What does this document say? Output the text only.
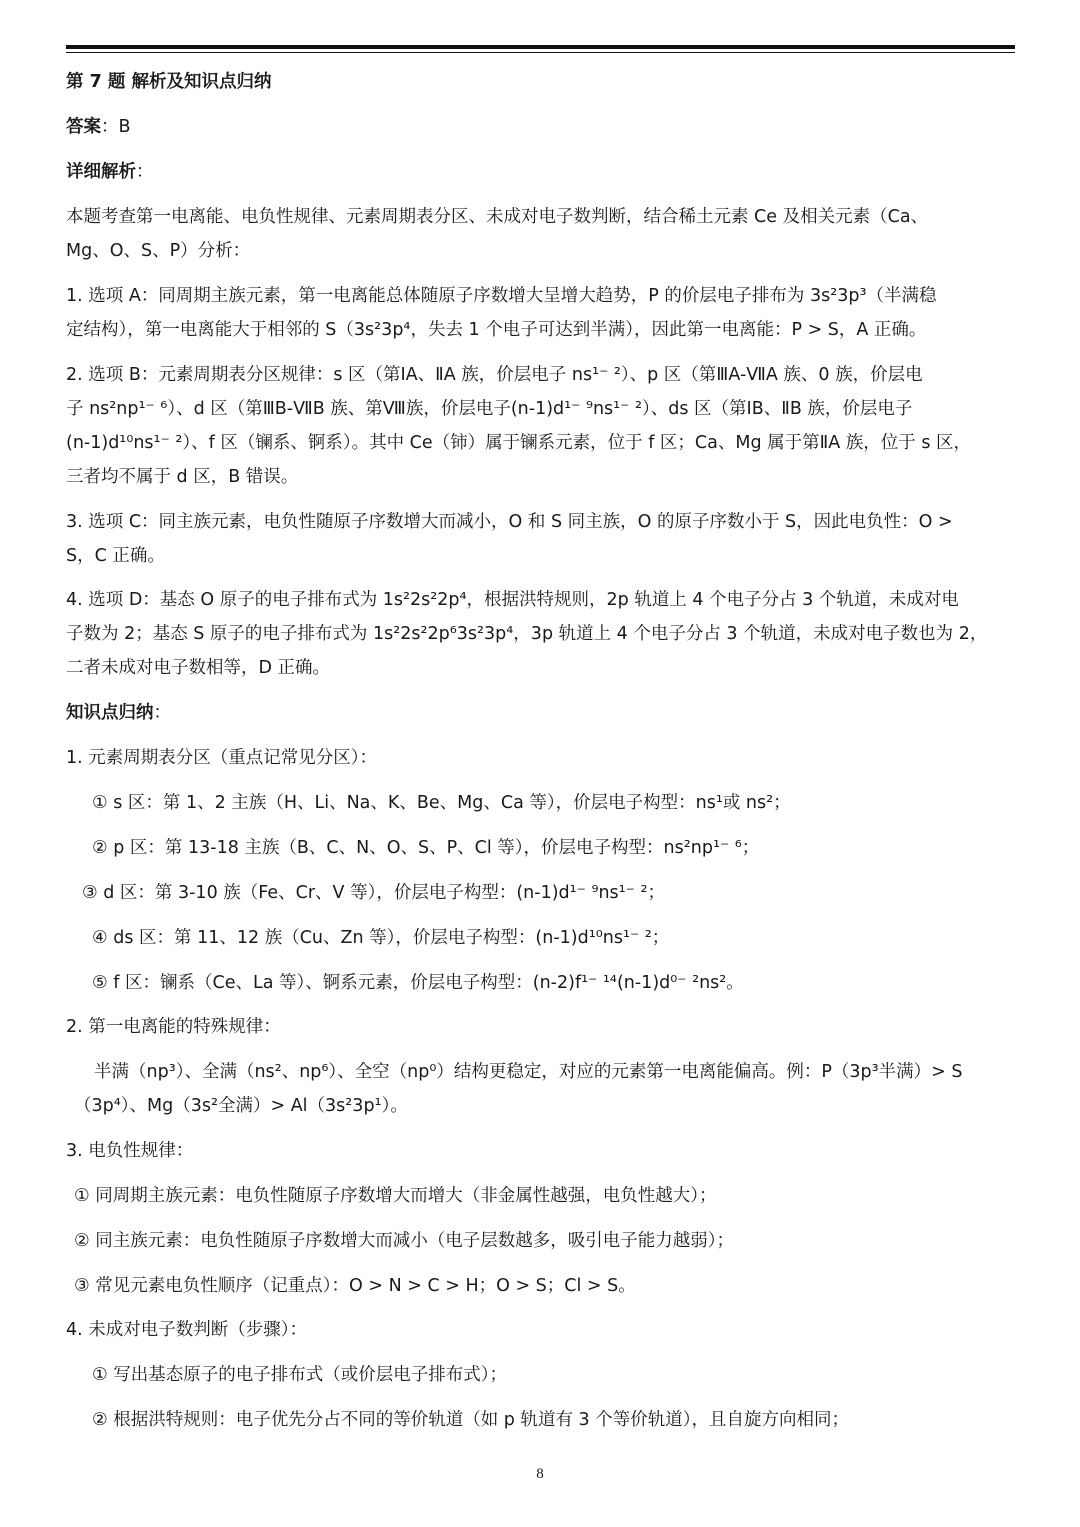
第 7 题 解析及知识点归纳
答案：B
详细解析：
本题考查第一电离能、电负性规律、元素周期表分区、未成对电子数判断，结合稀土元素 Ce 及相关元素（Ca、
Mg、O、S、P）分析：
1. 选项 A：同周期主族元素，第一电离能总体随原子序数增大呈增大趋势，P 的价层电子排布为 3s²3p³（半满稳
定结构），第一电离能大于相邻的 S（3s²3p⁴，失去 1 个电子可达到半满），因此第一电离能：P > S，A 正确。
2. 选项 B：元素周期表分区规律：s 区（第ⅠA、ⅡA 族，价层电子 ns¹⁻ ²）、p 区（第ⅢA-ⅦA 族、0 族，价层电
子 ns²np¹⁻ ⁶）、d 区（第ⅢB-ⅦB 族、第Ⅷ族，价层电子(n-1)d¹⁻ ⁹ns¹⁻ ²）、ds 区（第ⅠB、ⅡB 族，价层电子
(n-1)d¹⁰ns¹⁻ ²）、f 区（镧系、锕系）。其中 Ce（铈）属于镧系元素，位于 f 区；Ca、Mg 属于第ⅡA 族，位于 s 区，
三者均不属于 d 区，B 错误。
3. 选项 C：同主族元素，电负性随原子序数增大而减小，O 和 S 同主族，O 的原子序数小于 S，因此电负性：O >
S，C 正确。
4. 选项 D：基态 O 原子的电子排布式为 1s²2s²2p⁴，根据洪特规则，2p 轨道上 4 个电子分占 3 个轨道，未成对电
子数为 2；基态 S 原子的电子排布式为 1s²2s²2p⁶3s²3p⁴，3p 轨道上 4 个电子分占 3 个轨道，未成对电子数也为 2，
二者未成对电子数相等，D 正确。
知识点归纳：
1. 元素周期表分区（重点记常见分区）：
① s 区：第 1、2 主族（H、Li、Na、K、Be、Mg、Ca 等），价层电子构型：ns¹或 ns²；
② p 区：第 13-18 主族（B、C、N、O、S、P、Cl 等），价层电子构型：ns²np¹⁻ ⁶；
③ d 区：第 3-10 族（Fe、Cr、V 等），价层电子构型：(n-1)d¹⁻ ⁹ns¹⁻ ²；
④ ds 区：第 11、12 族（Cu、Zn 等），价层电子构型：(n-1)d¹⁰ns¹⁻ ²；
⑤ f 区：镧系（Ce、La 等）、锕系元素，价层电子构型：(n-2)f¹⁻ ¹⁴(n-1)d⁰⁻ ²ns²。
2. 第一电离能的特殊规律：
半满（np³）、全满（ns²、np⁶）、全空（np⁰）结构更稳定，对应的元素第一电离能偏高。例：P（3p³半满）> S
（3p⁴）、Mg（3s²全满）> Al（3s²3p¹）。
3. 电负性规律：
① 同周期主族元素：电负性随原子序数增大而增大（非金属性越强，电负性越大）；
② 同主族元素：电负性随原子序数增大而减小（电子层数越多，吸引电子能力越弱）；
③ 常见元素电负性顺序（记重点）：O > N > C > H；O > S；Cl > S。
4. 未成对电子数判断（步骤）：
① 写出基态原子的电子排布式（或价层电子排布式）；
② 根据洪特规则：电子优先分占不同的等价轨道（如 p 轨道有 3 个等价轨道），且自旋方向相同；
8
